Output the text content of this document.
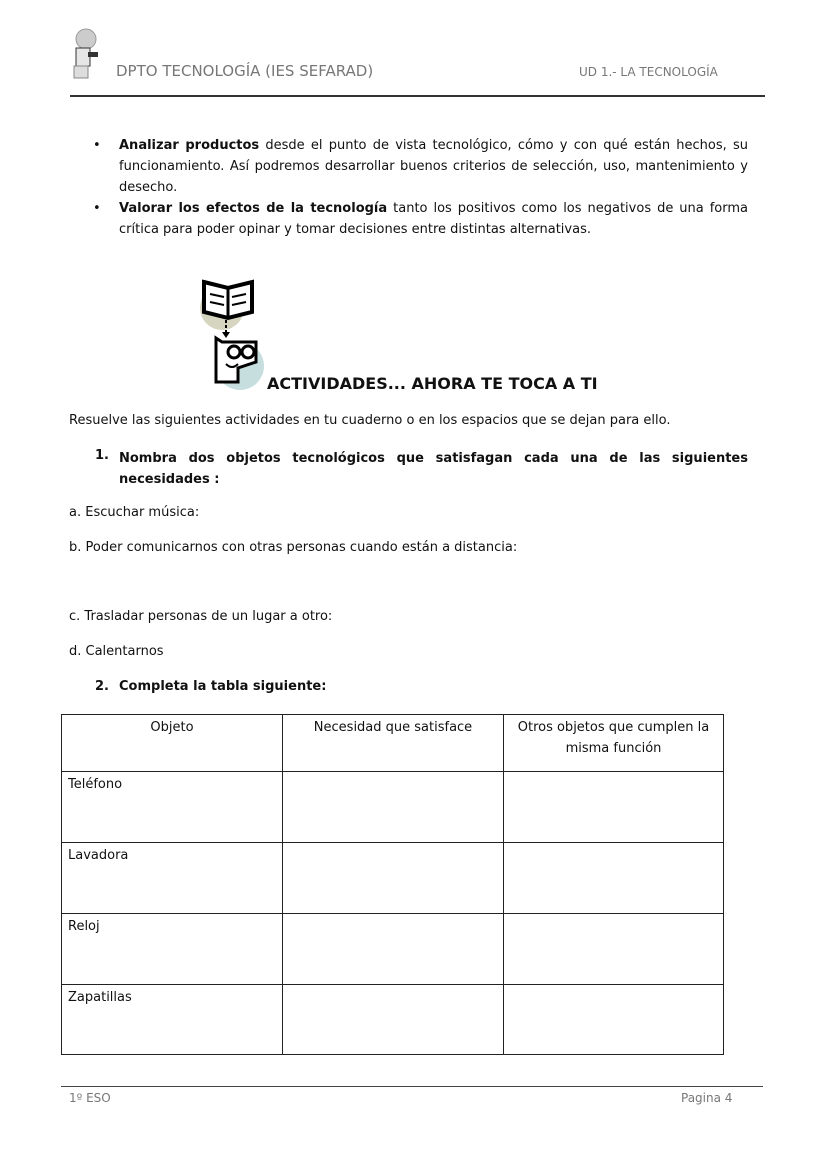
DPTO TECNOLOGÍA (IES SEFARAD)	UD 1.- LA TECNOLOGÍA
• Analizar productos desde el punto de vista tecnológico, cómo y con qué están hechos, su funcionamiento. Así podremos desarrollar buenos criterios de selección, uso, mantenimiento y desecho.
• Valorar los efectos de la tecnología tanto los positivos como los negativos de una forma crítica para poder opinar y tomar decisiones entre distintas alternativas.
ACTIVIDADES... AHORA TE TOCA A TI
Resuelve las siguientes actividades en tu cuaderno o en los espacios que se dejan para ello.
1. Nombra dos objetos tecnológicos que satisfagan cada una de las siguientes necesidades :
a. Escuchar música:
b. Poder comunicarnos con otras personas cuando están a distancia:
c. Trasladar personas de un lugar a otro:
d. Calentarnos
2. Completa la tabla siguiente:
Objeto	Necesidad que satisface	Otros objetos que cumplen la misma función
Teléfono		
Lavadora		
Reloj		
Zapatillas		
1º ESO	Pagina 4
